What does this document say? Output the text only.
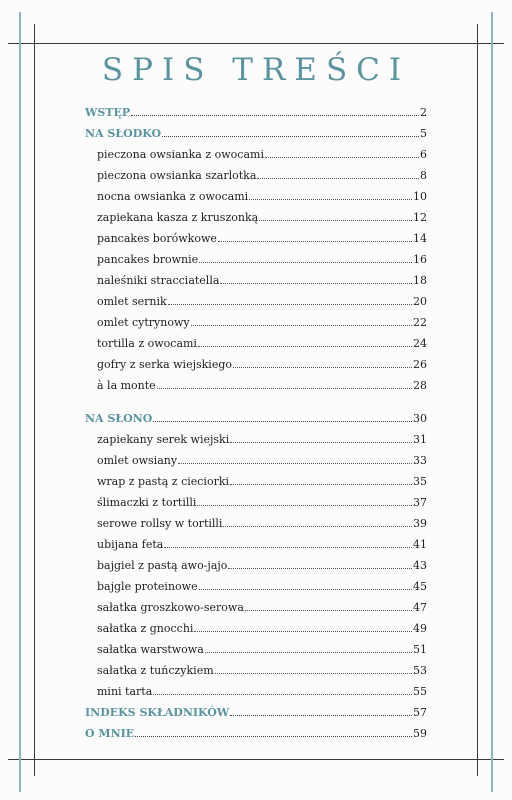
SPIS TREŚCI
WSTĘP	2
NA SŁODKO	5
pieczona owsianka z owocami	6
pieczona owsianka szarlotka	8
nocna owsianka z owocami	10
zapiekana kasza z kruszonką	12
pancakes borówkowe	14
pancakes brownie	16
naleśniki stracciatella	18
omlet sernik	20
omlet cytrynowy	22
tortilla z owocami	24
gofry z serka wiejskiego	26
à la monte	28
NA SŁONO	30
zapiekany serek wiejski	31
omlet owsiany	33
wrap z pastą z cieciorki	35
ślimaczki z tortilli	37
serowe rollsy w tortilli	39
ubijana feta	41
bajgiel z pastą awo-jajo	43
bajgle proteinowe	45
sałatka groszkowo-serowa	47
sałatka z gnocchi	49
sałatka warstwowa	51
sałatka z tuńczykiem	53
mini tarta	55
INDEKS SKŁADNIKÓW	57
O MNIE	59
